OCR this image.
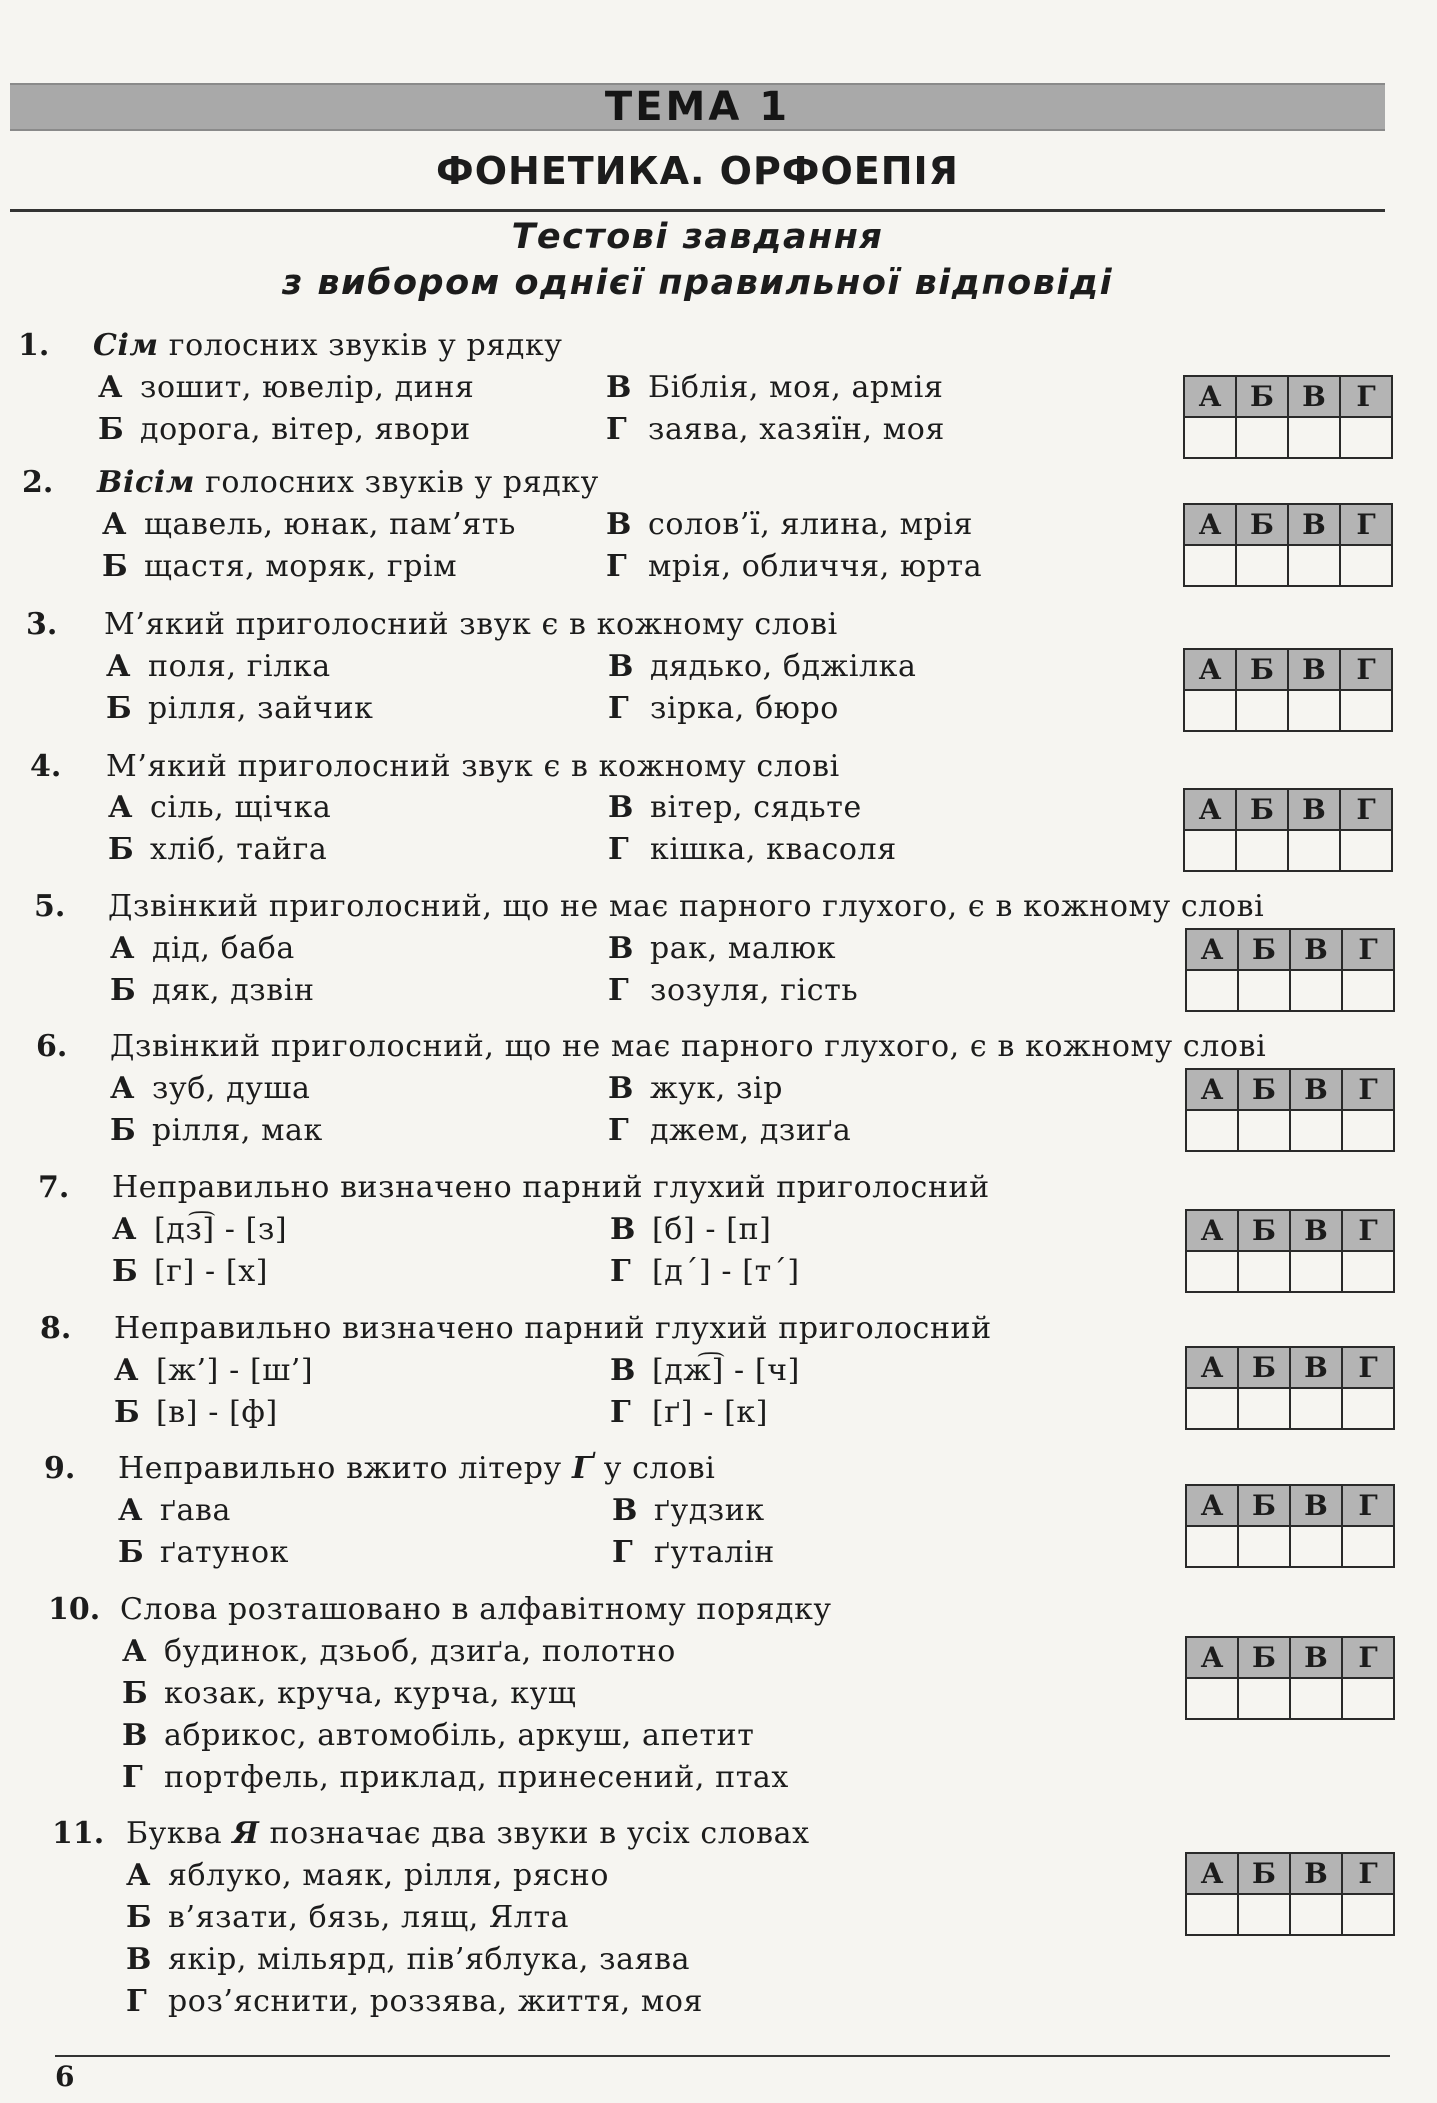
ТЕМА 1
ФОНЕТИКА. ОРФОЕПІЯ
Тестові завдання
з вибором однієї правильної відповіді
1. Сім голосних звуків у рядку
А зошит, ювелір, диня
Б дорога, вітер, явори
В Біблія, моя, армія
Г заява, хазяїн, моя
А	Б	В	Г

2. Вісім голосних звуків у рядку
А щавель, юнак, пам’ять
Б щастя, моряк, грім
В солов’ї, ялина, мрія
Г мрія, обличчя, юрта
А	Б	В	Г

3. М’який приголосний звук є в кожному слові
А поля, гілка
Б рілля, зайчик
В дядько, бджілка
Г зірка, бюро
А	Б	В	Г

4. М’який приголосний звук є в кожному слові
А сіль, щічка
Б хліб, тайга
В вітер, сядьте
Г кішка, квасоля
А	Б	В	Г

5. Дзвінкий приголосний, що не має парного глухого, є в кожному слові
А дід, баба
Б дяк, дзвін
В рак, малюк
Г зозуля, гість
А	Б	В	Г

6. Дзвінкий приголосний, що не має парного глухого, є в кожному слові
А зуб, душа
Б рілля, мак
В жук, зір
Г джем, дзиґа
А	Б	В	Г

7. Неправильно визначено парний глухий приголосний
А [дз͡] - [з]
Б [г] - [х]
В [б] - [п]
Г [д´] - [т´]
А	Б	В	Г

8. Неправильно визначено парний глухий приголосний
А [ж’] - [ш’]
Б [в] - [ф]
В [дж͡] - [ч]
Г [ґ] - [к]
А	Б	В	Г

9. Неправильно вжито літеру Ґ у слові
А ґава
Б ґатунок
В ґудзик
Г ґуталін
А	Б	В	Г

10. Слова розташовано в алфавітному порядку
А будинок, дзьоб, дзиґа, полотно
Б козак, круча, курча, кущ
В абрикос, автомобіль, аркуш, апетит
Г портфель, приклад, принесений, птах
А	Б	В	Г

11. Буква Я позначає два звуки в усіх словах
А яблуко, маяк, рілля, рясно
Б в’язати, бязь, лящ, Ялта
В якір, мільярд, пів’яблука, заява
Г роз’яснити, роззява, життя, моя
А	Б	В	Г

6
